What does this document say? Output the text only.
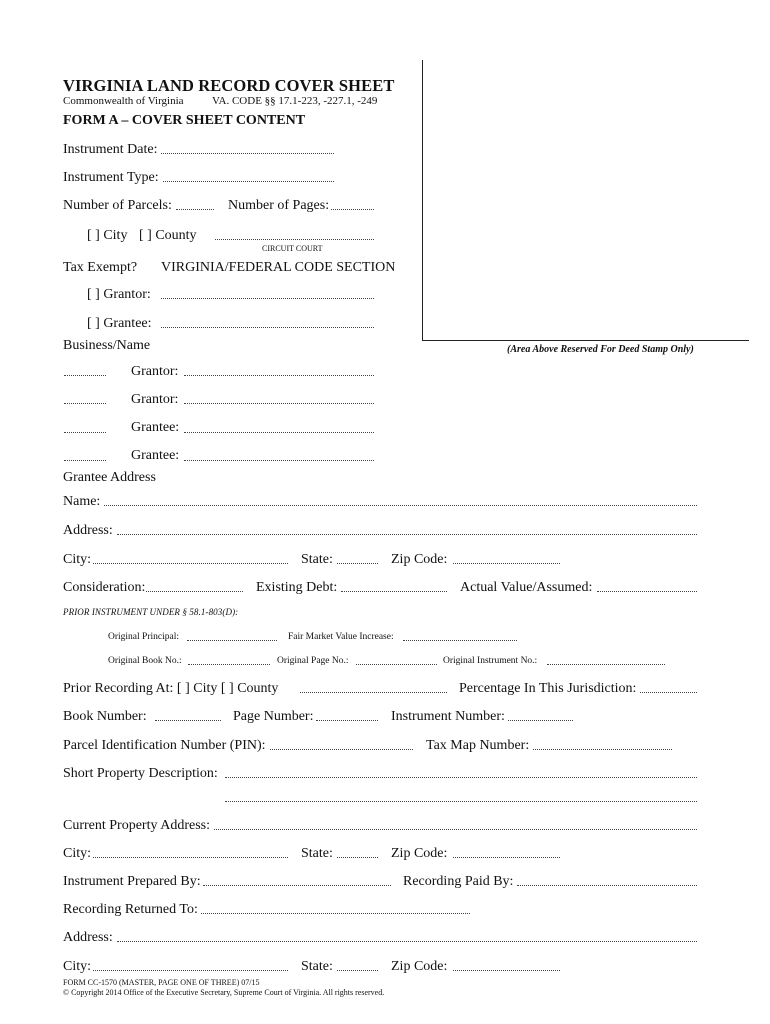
(Area Above Reserved For Deed Stamp Only)
VIRGINIA LAND RECORD COVER SHEET
Commonwealth of Virginia	VA. CODE §§ 17.1-223, -227.1, -249
FORM A – COVER SHEET CONTENT
Instrument Date:
Instrument Type:
Number of Parcels:	Number of Pages:
[ ] City [ ] County
CIRCUIT COURT
Tax Exempt? VIRGINIA/FEDERAL CODE SECTION
[ ] Grantor:
[ ] Grantee:
Business/Name
Grantor:
Grantor:
Grantee:
Grantee:
Grantee Address
Name:
Address:
City:	State:	Zip Code:
Consideration:	Existing Debt:	Actual Value/Assumed:
PRIOR INSTRUMENT UNDER § 58.1-803(D):
Original Principal:	Fair Market Value Increase:
Original Book No.:	Original Page No.:	Original Instrument No.:
Prior Recording At: [ ] City [ ] County	Percentage In This Jurisdiction:
Book Number:	Page Number:	Instrument Number:
Parcel Identification Number (PIN):	Tax Map Number:
Short Property Description:
Current Property Address:
City:	State:	Zip Code:
Instrument Prepared By:	Recording Paid By:
Recording Returned To:
Address:
City:	State:	Zip Code:
FORM CC-1570 (MASTER, PAGE ONE OF THREE) 07/15
© Copyright 2014 Office of the Executive Secretary, Supreme Court of Virginia. All rights reserved.
